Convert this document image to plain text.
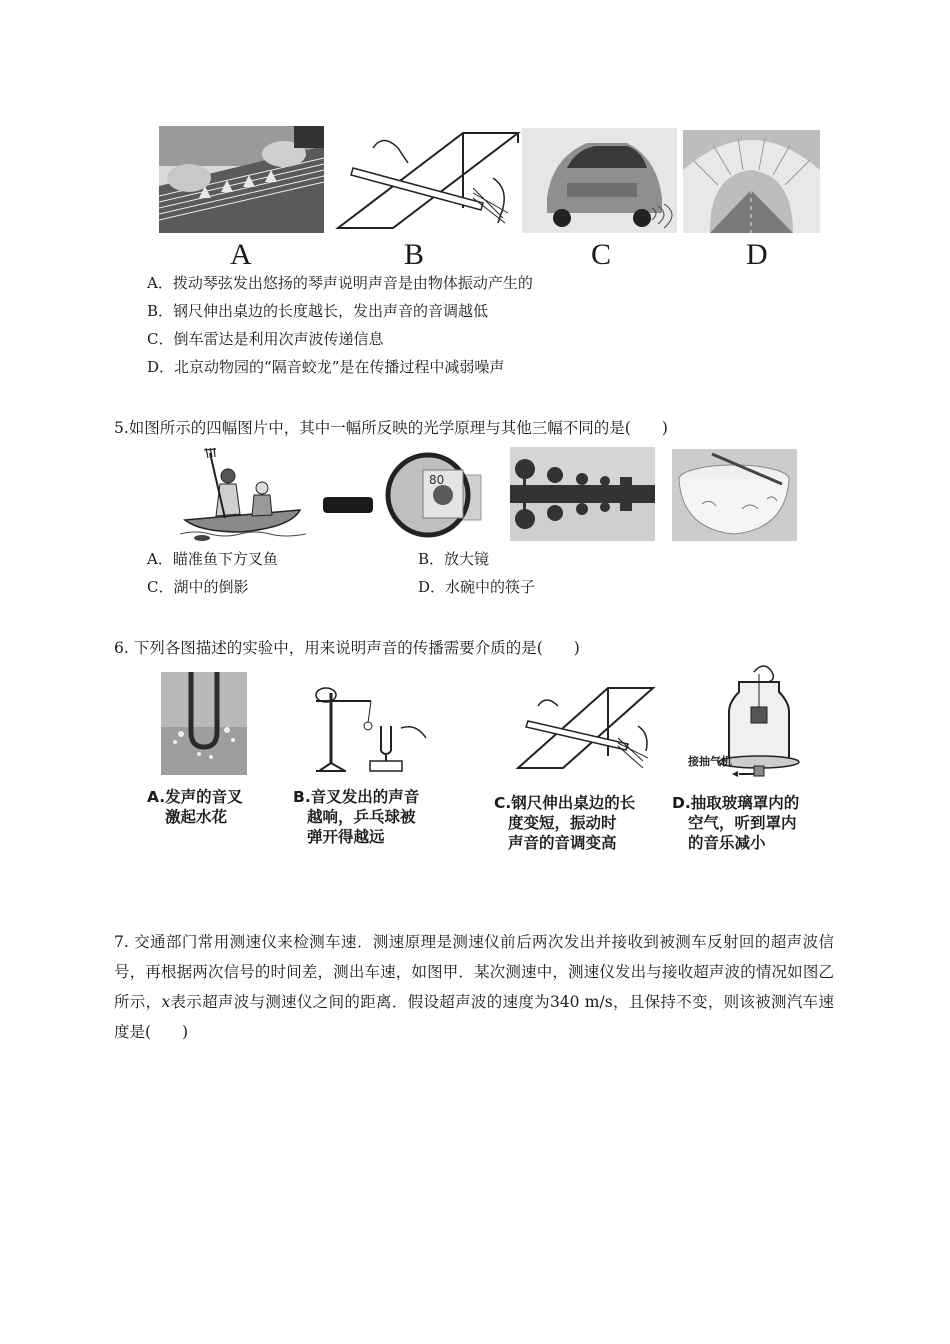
A	B	C	D
A．拨动琴弦发出悠扬的琴声说明声音是由物体振动产生的
B．钢尺伸出桌边的长度越长，发出声音的音调越低
C．倒车雷达是利用次声波传递信息
D．北京动物园的“隔音蛟龙”是在传播过程中减弱噪声
5.如图所示的四幅图片中，其中一幅所反映的光学原理与其他三幅不同的是(　　)
80
A．瞄准鱼下方叉鱼	B．放大镜
C．湖中的倒影	D．水碗中的筷子
6. 下列各图描述的实验中，用来说明声音的传播需要介质的是(　　)
接抽气机
A.发声的音叉
激起水花
B.音叉发出的声音
越响，乒乓球被
弹开得越远
C.钢尺伸出桌边的长
度变短，振动时
声音的音调变高
D.抽取玻璃罩内的
空气，听到罩内
的音乐减小
7. 交通部门常用测速仪来检测车速．测速原理是测速仪前后两次发出并接收到被测车反射回的超声波信号，再根据两次信号的时间差，测出车速，如图甲．某次测速中，测速仪发出与接收超声波的情况如图乙所示，x表示超声波与测速仪之间的距离．假设超声波的速度为340 m/s，且保持不变，则该被测汽车速度是(　　)
